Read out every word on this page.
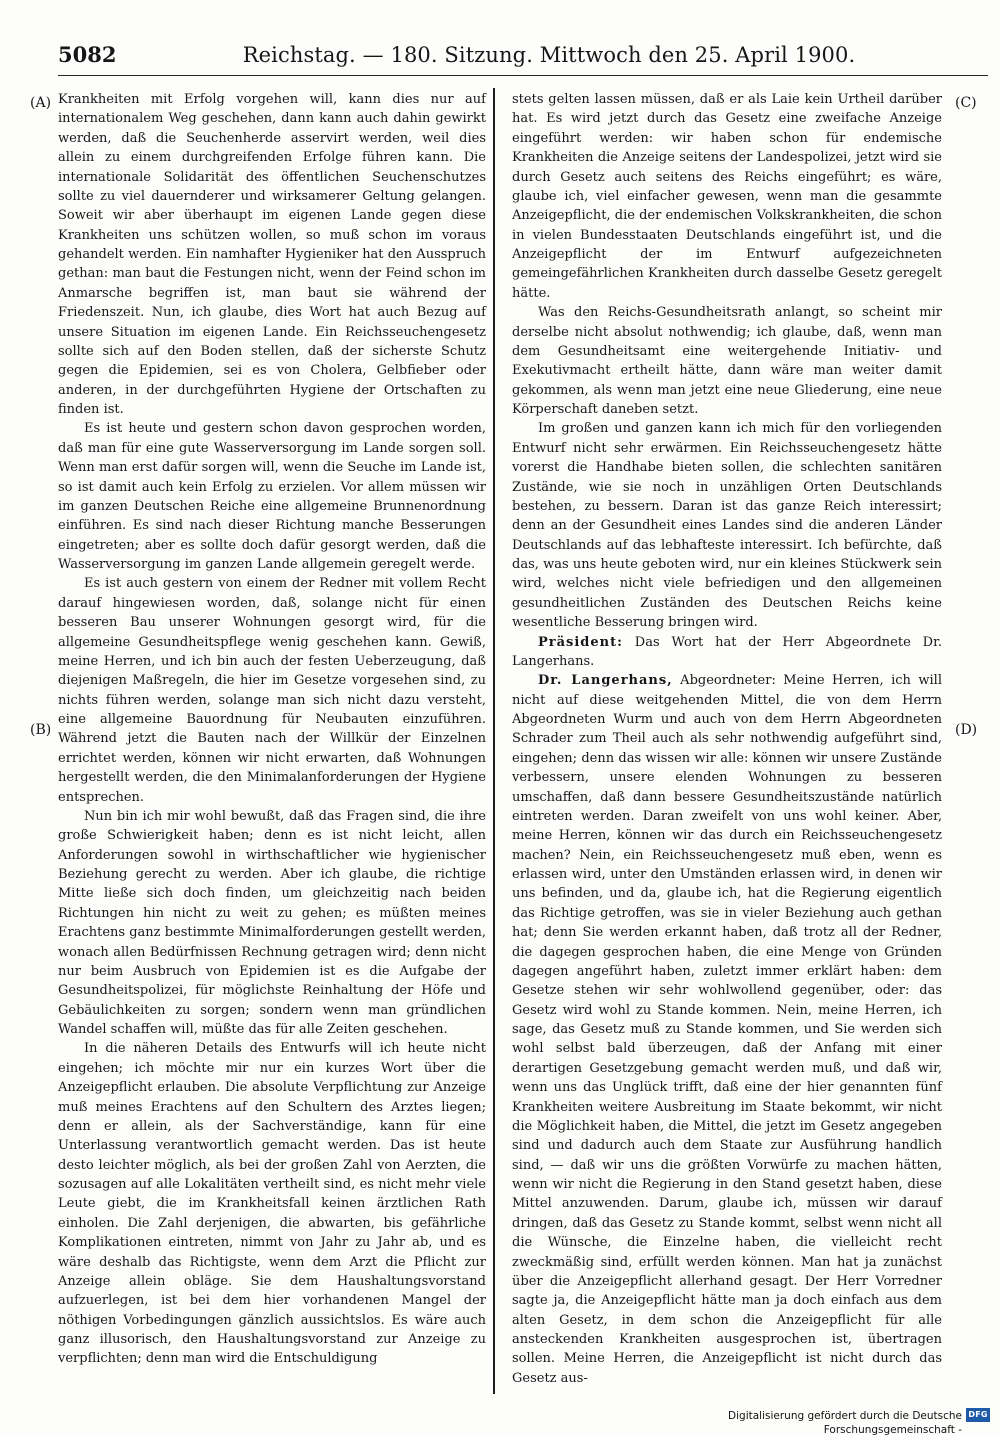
5082	Reichstag. — 180. Sitzung. Mittwoch den 25. April 1900.
(A)
(B)
(C)
(D)

Krankheiten mit Erfolg vorgehen will, kann dies nur auf internationalem Weg geschehen, dann kann auch dahin gewirkt werden, daß die Seuchenherde asservirt werden, weil dies allein zu einem durchgreifenden Erfolge führen kann. Die internationale Solidarität des öffentlichen Seuchenschutzes sollte zu viel dauernderer und wirksamerer Geltung gelangen. Soweit wir aber überhaupt im eigenen Lande gegen diese Krankheiten uns schützen wollen, so muß schon im voraus gehandelt werden. Ein namhafter Hygieniker hat den Ausspruch gethan: man baut die Festungen nicht, wenn der Feind schon im Anmarsche begriffen ist, man baut sie während der Friedenszeit. Nun, ich glaube, dies Wort hat auch Bezug auf unsere Situation im eigenen Lande. Ein Reichsseuchengesetz sollte sich auf den Boden stellen, daß der sicherste Schutz gegen die Epidemien, sei es von Cholera, Gelbfieber oder anderen, in der durchgeführten Hygiene der Ortschaften zu finden ist.

Es ist heute und gestern schon davon gesprochen worden, daß man für eine gute Wasserversorgung im Lande sorgen soll. Wenn man erst dafür sorgen will, wenn die Seuche im Lande ist, so ist damit auch kein Erfolg zu erzielen. Vor allem müssen wir im ganzen Deutschen Reiche eine allgemeine Brunnenordnung einführen. Es sind nach dieser Richtung manche Besserungen eingetreten; aber es sollte doch dafür gesorgt werden, daß die Wasserversorgung im ganzen Lande allgemein geregelt werde.

Es ist auch gestern von einem der Redner mit vollem Recht darauf hingewiesen worden, daß, solange nicht für einen besseren Bau unserer Wohnungen gesorgt wird, für die allgemeine Gesundheitspflege wenig geschehen kann. Gewiß, meine Herren, und ich bin auch der festen Ueberzeugung, daß diejenigen Maßregeln, die hier im Gesetze vorgesehen sind, zu nichts führen werden, solange man sich nicht dazu versteht, eine allgemeine Bauordnung für Neubauten einzuführen. Während jetzt die Bauten nach der Willkür der Einzelnen errichtet werden, können wir nicht erwarten, daß Wohnungen hergestellt werden, die den Minimalanforderungen der Hygiene entsprechen.

Nun bin ich mir wohl bewußt, daß das Fragen sind, die ihre große Schwierigkeit haben; denn es ist nicht leicht, allen Anforderungen sowohl in wirthschaftlicher wie hygienischer Beziehung gerecht zu werden. Aber ich glaube, die richtige Mitte ließe sich doch finden, um gleichzeitig nach beiden Richtungen hin nicht zu weit zu gehen; es müßten meines Erachtens ganz bestimmte Minimalforderungen gestellt werden, wonach allen Bedürfnissen Rechnung getragen wird; denn nicht nur beim Ausbruch von Epidemien ist es die Aufgabe der Gesundheitspolizei, für möglichste Reinhaltung der Höfe und Gebäulichkeiten zu sorgen; sondern wenn man gründlichen Wandel schaffen will, müßte das für alle Zeiten geschehen.

In die näheren Details des Entwurfs will ich heute nicht eingehen; ich möchte mir nur ein kurzes Wort über die Anzeigepflicht erlauben. Die absolute Verpflichtung zur Anzeige muß meines Erachtens auf den Schultern des Arztes liegen; denn er allein, als der Sachverständige, kann für eine Unterlassung verantwortlich gemacht werden. Das ist heute desto leichter möglich, als bei der großen Zahl von Aerzten, die sozusagen auf alle Lokalitäten vertheilt sind, es nicht mehr viele Leute giebt, die im Krankheitsfall keinen ärztlichen Rath einholen. Die Zahl derjenigen, die abwarten, bis gefährliche Komplikationen eintreten, nimmt von Jahr zu Jahr ab, und es wäre deshalb das Richtigste, wenn dem Arzt die Pflicht zur Anzeige allein obläge. Sie dem Haushaltungsvorstand aufzuerlegen, ist bei dem hier vorhandenen Mangel der nöthigen Vorbedingungen gänzlich aussichtslos. Es wäre auch ganz illusorisch, den Haushaltungsvorstand zur Anzeige zu verpflichten; denn man wird die Entschuldigung

stets gelten lassen müssen, daß er als Laie kein Urtheil darüber hat. Es wird jetzt durch das Gesetz eine zweifache Anzeige eingeführt werden: wir haben schon für endemische Krankheiten die Anzeige seitens der Landespolizei, jetzt wird sie durch Gesetz auch seitens des Reichs eingeführt; es wäre, glaube ich, viel einfacher gewesen, wenn man die gesammte Anzeigepflicht, die der endemischen Volkskrankheiten, die schon in vielen Bundesstaaten Deutschlands eingeführt ist, und die Anzeigepflicht der im Entwurf aufgezeichneten gemeingefährlichen Krankheiten durch dasselbe Gesetz geregelt hätte.

Was den Reichs-Gesundheitsrath anlangt, so scheint mir derselbe nicht absolut nothwendig; ich glaube, daß, wenn man dem Gesundheitsamt eine weitergehende Initiativ- und Exekutivmacht ertheilt hätte, dann wäre man weiter damit gekommen, als wenn man jetzt eine neue Gliederung, eine neue Körperschaft daneben setzt.

Im großen und ganzen kann ich mich für den vorliegenden Entwurf nicht sehr erwärmen. Ein Reichsseuchengesetz hätte vorerst die Handhabe bieten sollen, die schlechten sanitären Zustände, wie sie noch in unzähligen Orten Deutschlands bestehen, zu bessern. Daran ist das ganze Reich interessirt; denn an der Gesundheit eines Landes sind die anderen Länder Deutschlands auf das lebhafteste interessirt. Ich befürchte, daß das, was uns heute geboten wird, nur ein kleines Stückwerk sein wird, welches nicht viele befriedigen und den allgemeinen gesundheitlichen Zuständen des Deutschen Reichs keine wesentliche Besserung bringen wird.

Präsident: Das Wort hat der Herr Abgeordnete Dr. Langerhans.

Dr. Langerhans, Abgeordneter: Meine Herren, ich will nicht auf diese weitgehenden Mittel, die von dem Herrn Abgeordneten Wurm und auch von dem Herrn Abgeordneten Schrader zum Theil auch als sehr nothwendig aufgeführt sind, eingehen; denn das wissen wir alle: können wir unsere Zustände verbessern, unsere elenden Wohnungen zu besseren umschaffen, daß dann bessere Gesundheitszustände natürlich eintreten werden. Daran zweifelt von uns wohl keiner. Aber, meine Herren, können wir das durch ein Reichsseuchengesetz machen? Nein, ein Reichsseuchengesetz muß eben, wenn es erlassen wird, unter den Umständen erlassen wird, in denen wir uns befinden, und da, glaube ich, hat die Regierung eigentlich das Richtige getroffen, was sie in vieler Beziehung auch gethan hat; denn Sie werden erkannt haben, daß trotz all der Redner, die dagegen gesprochen haben, die eine Menge von Gründen dagegen angeführt haben, zuletzt immer erklärt haben: dem Gesetze stehen wir sehr wohlwollend gegenüber, oder: das Gesetz wird wohl zu Stande kommen. Nein, meine Herren, ich sage, das Gesetz muß zu Stande kommen, und Sie werden sich wohl selbst bald überzeugen, daß der Anfang mit einer derartigen Gesetzgebung gemacht werden muß, und daß wir, wenn uns das Unglück trifft, daß eine der hier genannten fünf Krankheiten weitere Ausbreitung im Staate bekommt, wir nicht die Möglichkeit haben, die Mittel, die jetzt im Gesetz angegeben sind und dadurch auch dem Staate zur Ausführung handlich sind, — daß wir uns die größten Vorwürfe zu machen hätten, wenn wir nicht die Regierung in den Stand gesetzt haben, diese Mittel anzuwenden. Darum, glaube ich, müssen wir darauf dringen, daß das Gesetz zu Stande kommt, selbst wenn nicht all die Wünsche, die Einzelne haben, die vielleicht recht zweckmäßig sind, erfüllt werden können. Man hat ja zunächst über die Anzeigepflicht allerhand gesagt. Der Herr Vorredner sagte ja, die Anzeigepflicht hätte man ja doch einfach aus dem alten Gesetz, in dem schon die Anzeigepflicht für alle ansteckenden Krankheiten ausgesprochen ist, übertragen sollen. Meine Herren, die Anzeigepflicht ist nicht durch das Gesetz aus-

Digitalisierung gefördert durch die Deutsche Forschungsgemeinschaft -
DFG
